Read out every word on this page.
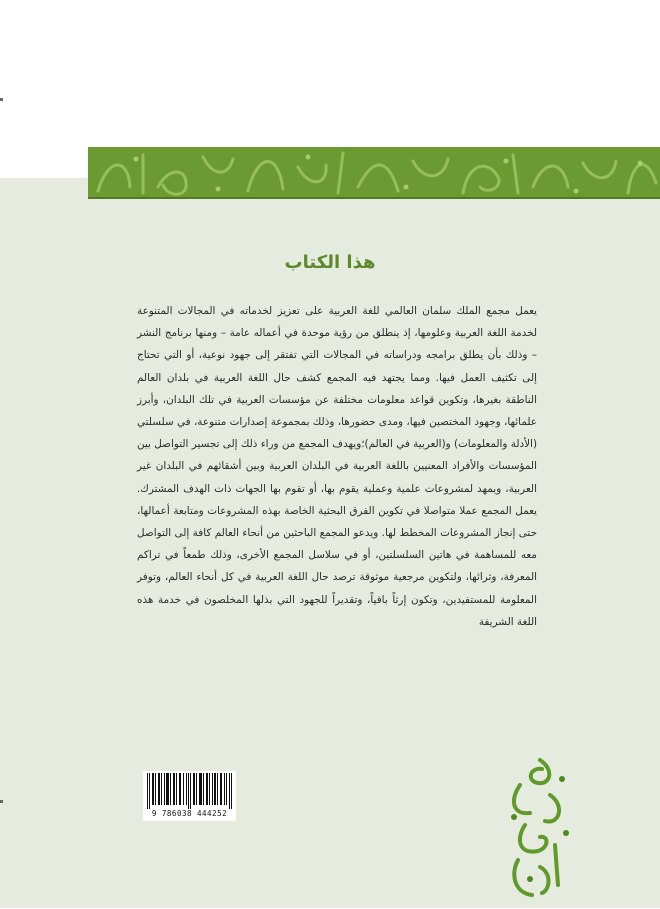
هذا الكتاب
يعمل مجمع الملك سلمان العالمي للغة العربية على تعزيز لخدماته في المجالات المتنوعة لخدمة اللغة العربية وعلومها، إذ ينطلق من رؤية موحدة في أعماله عامة – ومنها برنامج النشر – وذلك بأن يطلق برامجه ودراساته في المجالات التي تفتقر إلى جهود نوعية، أو التي تحتاج إلى تكثيف العمل فيها. ومما يجتهد فيه المجمع كشف حال اللغة العربية في بلدان العالم الناطقة بغيرها، وتكوين قواعد معلومات مختلفة عن مؤسسات العربية في تلك البلدان، وأبرز علمائها، وجهود المختصين فيها، ومدى حضورها، وذلك بمجموعة إصدارات متنوعة، في سلسلتي (الأدلة والمعلومات) و(العربية في العالم)؛ويهدف المجمع من وراء ذلك إلى تجسير التواصل بين المؤسسات والأفراد المعنيين باللغة العربية في البلدان العربية وبين أشقائهم في البلدان غير العربية، ويمهد لمشروعات علمية وعملية يقوم بها، أو تقوم بها الجهات ذات الهدف المشترك. يعمل المجمع عملا متواصلا في تكوين الفرق البحثية الخاصة بهذه المشروعات ومتابعة أعمالها، حتى إنجاز المشروعات المخطط لها. ويدعو المجمع الباحثين من أنحاء العالم كافة إلى التواصل معه للمساهمة في هاتين السلسلتين، أو في سلاسل المجمع الأخرى، وذلك طمعاً في تراكم المعرفة، وثرائها، ولتكوين مرجعية موثوقة ترصد حال اللغة العربية في كل أنحاء العالم، وتوفر المعلومة للمستفيدين، وتكون إرثاً باقياً، وتقديراً للجهود التي بذلها المخلصون في خدمة هذه اللغة الشريفة
9 786038 444252
